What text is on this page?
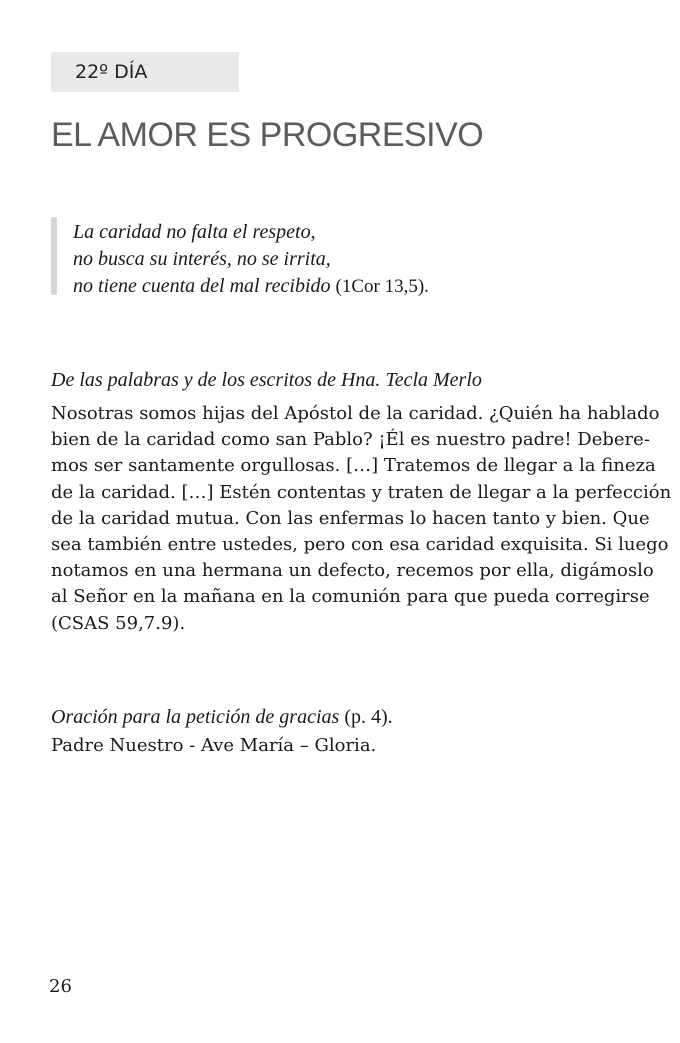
22º DÍA
EL AMOR ES PROGRESIVO
La caridad no falta el respeto,
no busca su interés, no se irrita,
no tiene cuenta del mal recibido (1Cor 13,5).
De las palabras y de los escritos de Hna. Tecla Merlo
Nosotras somos hijas del Apóstol de la caridad. ¿Quién ha hablado
bien de la caridad como san Pablo? ¡Él es nuestro padre! Debere-
mos ser santamente orgullosas. […] Tratemos de llegar a la fineza
de la caridad. […] Estén contentas y traten de llegar a la perfección
de la caridad mutua. Con las enfermas lo hacen tanto y bien. Que
sea también entre ustedes, pero con esa caridad exquisita. Si luego
notamos en una hermana un defecto, recemos por ella, digámoslo
al Señor en la mañana en la comunión para que pueda corregirse
(CSAS 59,7.9).
Oración para la petición de gracias (p. 4).
Padre Nuestro - Ave María – Gloria.
26
